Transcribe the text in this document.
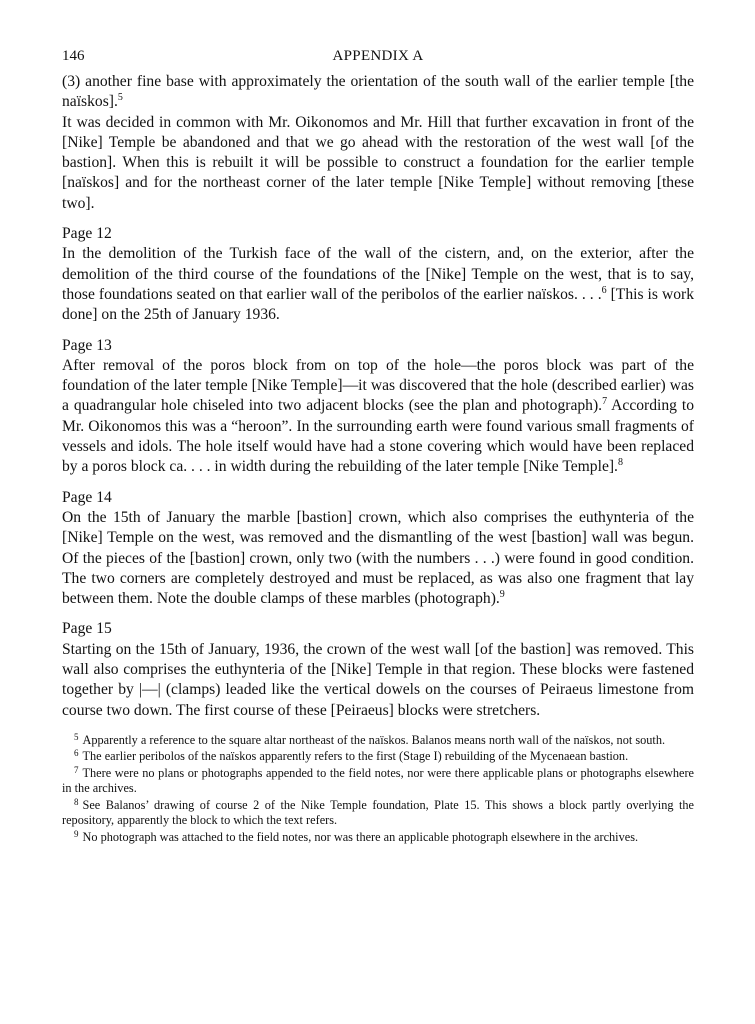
146	APPENDIX A

(3) another fine base with approximately the orientation of the south wall of the earlier temple [the naïskos].$^5$

It was decided in common with Mr. Oikonomos and Mr. Hill that further excavation in front of the [Nike] Temple be abandoned and that we go ahead with the restoration of the west wall [of the bastion]. When this is rebuilt it will be possible to construct a foundation for the earlier temple [naïskos] and for the northeast corner of the later temple [Nike Temple] without removing [these two].

Page 12

In the demolition of the Turkish face of the wall of the cistern, and, on the exterior, after the demolition of the third course of the foundations of the [Nike] Temple on the west, that is to say, those foundations seated on that earlier wall of the peribolos of the earlier naïskos. . . .$^6$ [This is work done] on the 25th of January 1936.

Page 13

After removal of the poros block from on top of the hole—the poros block was part of the foundation of the later temple [Nike Temple]—it was discovered that the hole (described earlier) was a quadrangular hole chiseled into two adjacent blocks (see the plan and photograph).$^7$ According to Mr. Oikonomos this was a “heroon”. In the surrounding earth were found various small fragments of vessels and idols. The hole itself would have had a stone covering which would have been replaced by a poros block ca. . . . in width during the rebuilding of the later temple [Nike Temple].$^8$

Page 14

On the 15th of January the marble [bastion] crown, which also comprises the euthynteria of the [Nike] Temple on the west, was removed and the dismantling of the west [bastion] wall was begun. Of the pieces of the [bastion] crown, only two (with the numbers . . .) were found in good condition. The two corners are completely destroyed and must be replaced, as was also one fragment that lay between them. Note the double clamps of these marbles (photograph).$^9$

Page 15

Starting on the 15th of January, 1936, the crown of the west wall [of the bastion] was removed. This wall also comprises the euthynteria of the [Nike] Temple in that region. These blocks were fastened together by |—| (clamps) leaded like the vertical dowels on the courses of Peiraeus limestone from course two down. The first course of these [Peiraeus] blocks were stretchers.

$^5$ Apparently a reference to the square altar northeast of the naïskos. Balanos means north wall of the naïskos, not south.

$^6$ The earlier peribolos of the naïskos apparently refers to the first (Stage I) rebuilding of the Mycenaean bastion.

$^7$ There were no plans or photographs appended to the field notes, nor were there applicable plans or photographs elsewhere in the archives.

$^8$ See Balanos’ drawing of course 2 of the Nike Temple foundation, Plate 15. This shows a block partly overlying the repository, apparently the block to which the text refers.

$^9$ No photograph was attached to the field notes, nor was there an applicable photograph elsewhere in the archives.
